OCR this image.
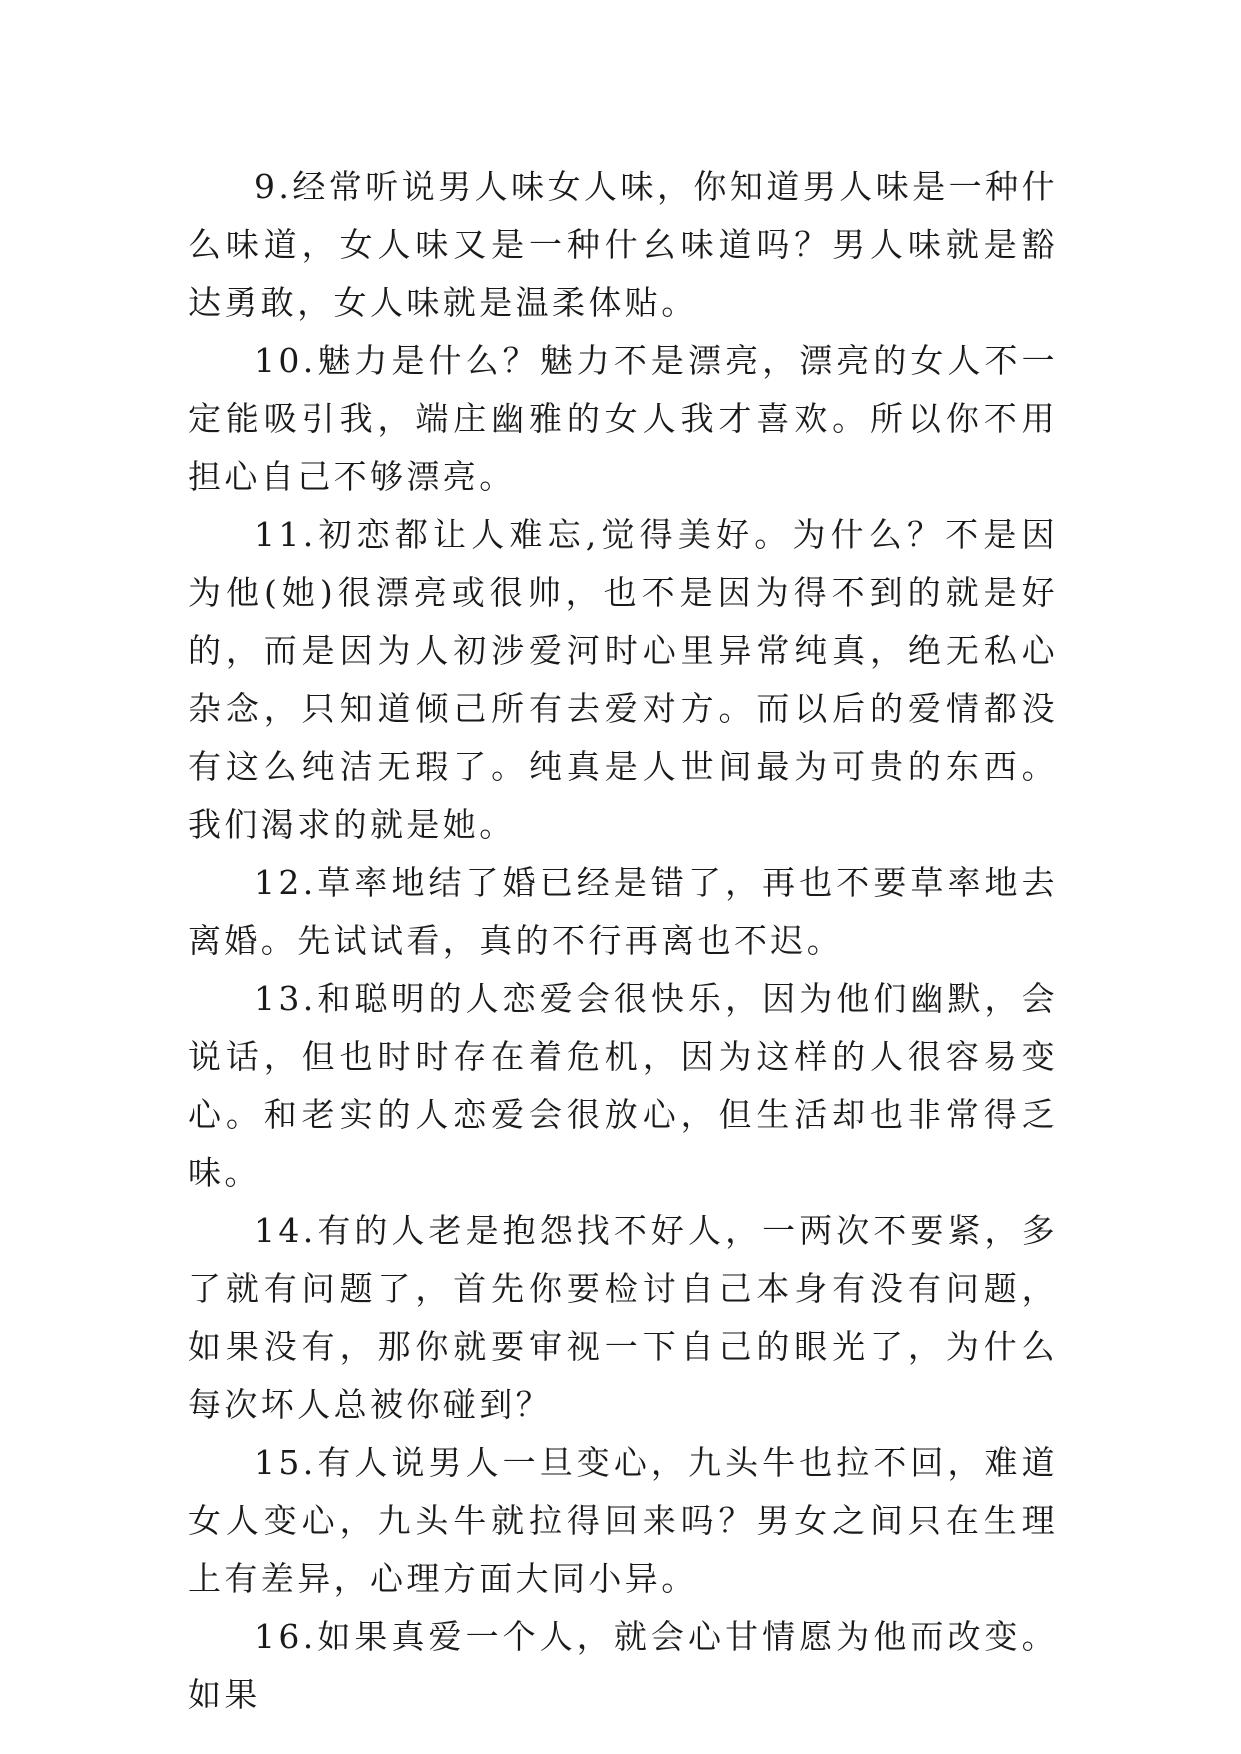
9.经常听说男人味女人味，你知道男人味是一种什么味道，女人味又是一种什幺味道吗？男人味就是豁达勇敢，女人味就是温柔体贴。

10.魅力是什么？魅力不是漂亮，漂亮的女人不一定能吸引我，端庄幽雅的女人我才喜欢。所以你不用担心自己不够漂亮。

11.初恋都让人难忘,觉得美好。为什么？不是因为他(她)很漂亮或很帅，也不是因为得不到的就是好的，而是因为人初涉爱河时心里异常纯真，绝无私心杂念，只知道倾己所有去爱对方。而以后的爱情都没有这么纯洁无瑕了。纯真是人世间最为可贵的东西。我们渴求的就是她。

12.草率地结了婚已经是错了，再也不要草率地去离婚。先试试看，真的不行再离也不迟。

13.和聪明的人恋爱会很快乐，因为他们幽默，会说话，但也时时存在着危机，因为这样的人很容易变心。和老实的人恋爱会很放心，但生活却也非常得乏味。

14.有的人老是抱怨找不好人，一两次不要紧，多了就有问题了，首先你要检讨自己本身有没有问题，如果没有，那你就要审视一下自己的眼光了，为什么每次坏人总被你碰到？

15.有人说男人一旦变心，九头牛也拉不回，难道女人变心，九头牛就拉得回来吗？男女之间只在生理上有差异，心理方面大同小异。

16.如果真爱一个人，就会心甘情愿为他而改变。如果
